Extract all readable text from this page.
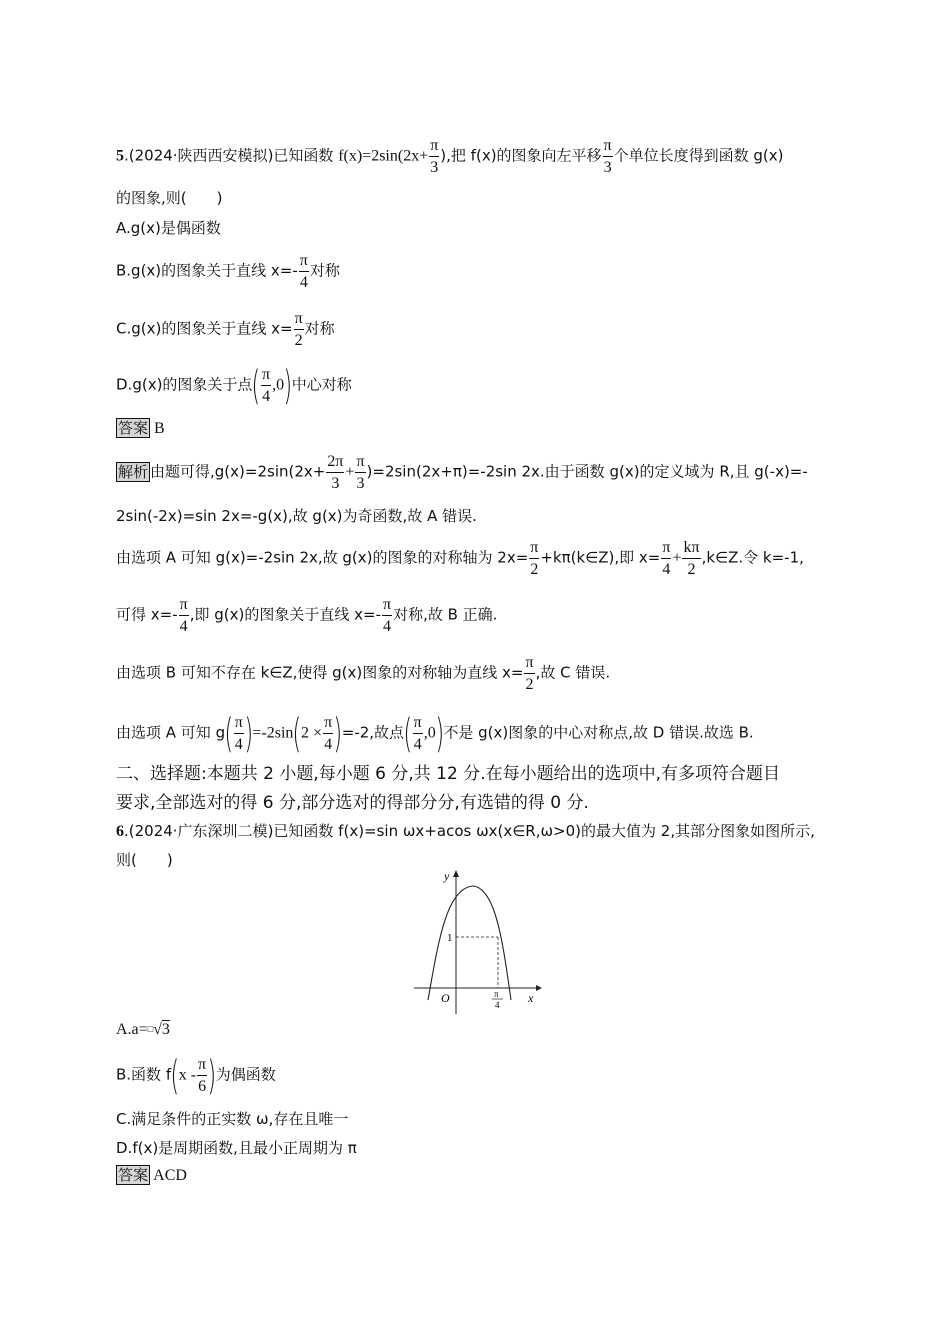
5.(2024·陕西西安模拟)已知函数 $f(x)=2\sin(2x+ \frac{\pi}{3}$ ),把 f(x)的图象向左平移 $\frac{\pi}{3}$ 个单位长度得到函数 g(x)
的图象,则(　　)
A.g(x)是偶函数
B.g(x)的图象关于直线 $x=- \frac{\pi}{4}$ 对称
C.g(x)的图象关于直线 $x= \frac{\pi}{2}$ 对称
D.g(x)的图象关于点( $\frac{\pi}{4} ,0$)中心对称
答案 B
解析 由题可得$,g(x)=2\sin(2x+ \frac{2\pi}{3} + \frac{\pi}{3} )=2\sin(2x+\pi)=-2\sin$ 2x.由于函数 g(x)的定义域为 R,且 g(-x)=-
2sin(-2x)=sin 2x=-g(x),故 g(x)为奇函数,故 A 错误.
由选项 A 可知 g(x)=-2sin 2x,故 g(x)的图象的对称轴为 $2x= \frac{\pi}{2}$ +kπ(k∈Z),即 $x= \frac{\pi}{4} + \frac{k\pi}{2}$ ,k∈Z.令 k=-1,
可得 $x=- \frac{\pi}{4}$ ,即 g(x)的图象关于直线 $x=- \frac{\pi}{4}$ 对称,故 B 正确.
由选项 B 可知不存在 k∈Z,使得 g(x)图象的对称轴为直线 $x= \frac{\pi}{2}$ ,故 C 错误.
由选项 A 可知 $g( \frac{\pi}{4} )=-2\sin(2 \times \frac{\pi}{4} )=-2$,故点( $\frac{\pi}{4} ,0$)不是 g(x)图象的中心对称点,故 D 错误.故选 B.
二、选择题:本题共 2 小题,每小题 6 分,共 12 分.在每小题给出的选项中,有多项符合题目
要求,全部选对的得 6 分,部分选对的得部分分,有选错的得 0 分.
6.(2024·广东深圳二模)已知函数 f(x)=sin ωx+acos ωx(x∈R,ω>0)的最大值为 2,其部分图象如图所示,
则(　　)
y
x
O
1
π
4
A.a=□√3
B.函数 $f(x - \frac{\pi}{6}$ )为偶函数
C.满足条件的正实数 ω,存在且唯一
D.f(x)是周期函数,且最小正周期为 π
答案 ACD
